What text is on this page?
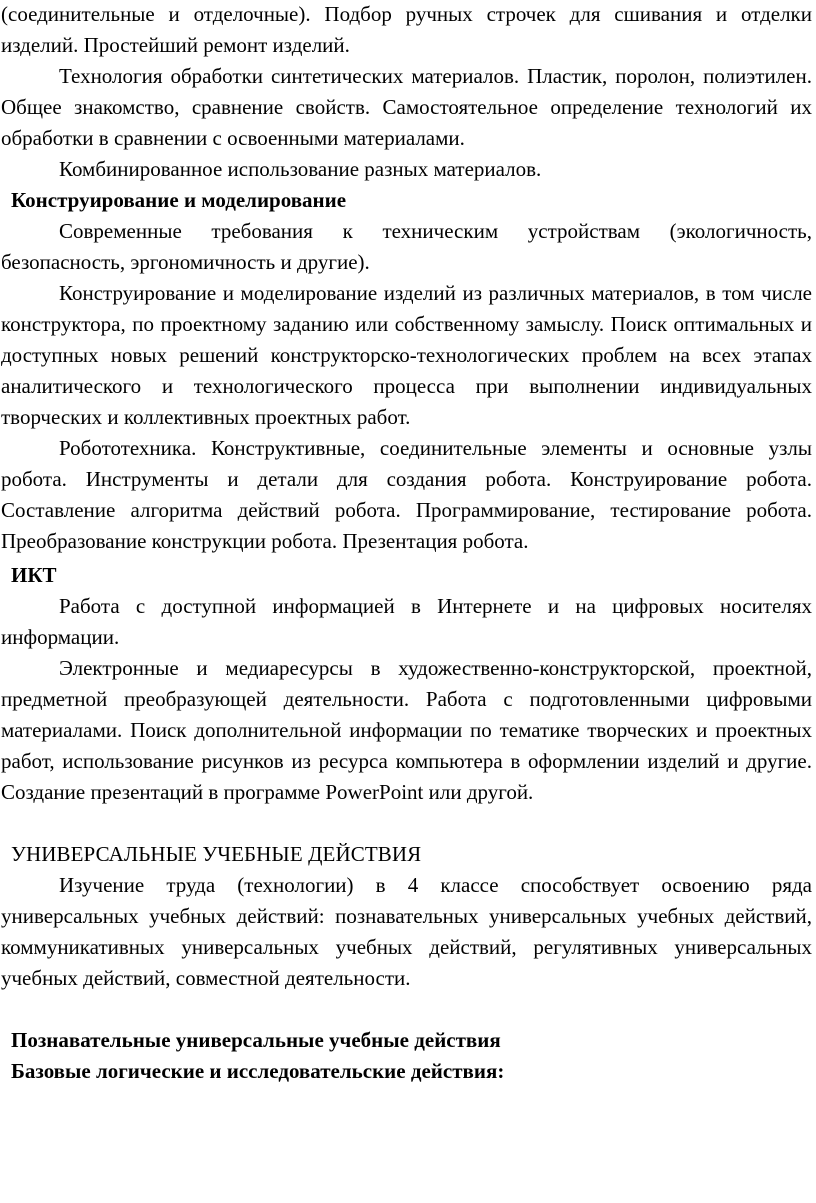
(соединительные и отделочные). Подбор ручных строчек для сшивания и отделки изделий. Простейший ремонт изделий.

Технология обработки синтетических материалов. Пластик, поролон, полиэтилен. Общее знакомство, сравнение свойств. Самостоятельное определение технологий их обработки в сравнении с освоенными материалами.

Комбинированное использование разных материалов.

Конструирование и моделирование

Современные требования к техническим устройствам (экологичность, безопасность, эргономичность и другие).

Конструирование и моделирование изделий из различных материалов, в том числе конструктора, по проектному заданию или собственному замыслу. Поиск оптимальных и доступных новых решений конструкторско-технологических проблем на всех этапах аналитического и технологического процесса при выполнении индивидуальных творческих и коллективных проектных работ.

Робототехника. Конструктивные, соединительные элементы и основные узлы робота. Инструменты и детали для создания робота. Конструирование робота. Составление алгоритма действий робота. Программирование, тестирование робота. Преобразование конструкции робота. Презентация робота.

ИКТ

Работа с доступной информацией в Интернете и на цифровых носителях информации.

Электронные и медиаресурсы в художественно-конструкторской, проектной, предметной преобразующей деятельности. Работа с подготовленными цифровыми материалами. Поиск дополнительной информации по тематике творческих и проектных работ, использование рисунков из ресурса компьютера в оформлении изделий и другие. Создание презентаций в программе PowerPoint или другой.

УНИВЕРСАЛЬНЫЕ УЧЕБНЫЕ ДЕЙСТВИЯ

Изучение труда (технологии) в 4 классе способствует освоению ряда универсальных учебных действий: познавательных универсальных учебных действий, коммуникативных универсальных учебных действий, регулятивных универсальных учебных действий, совместной деятельности.

Познавательные универсальные учебные действия
Базовые логические и исследовательские действия:
